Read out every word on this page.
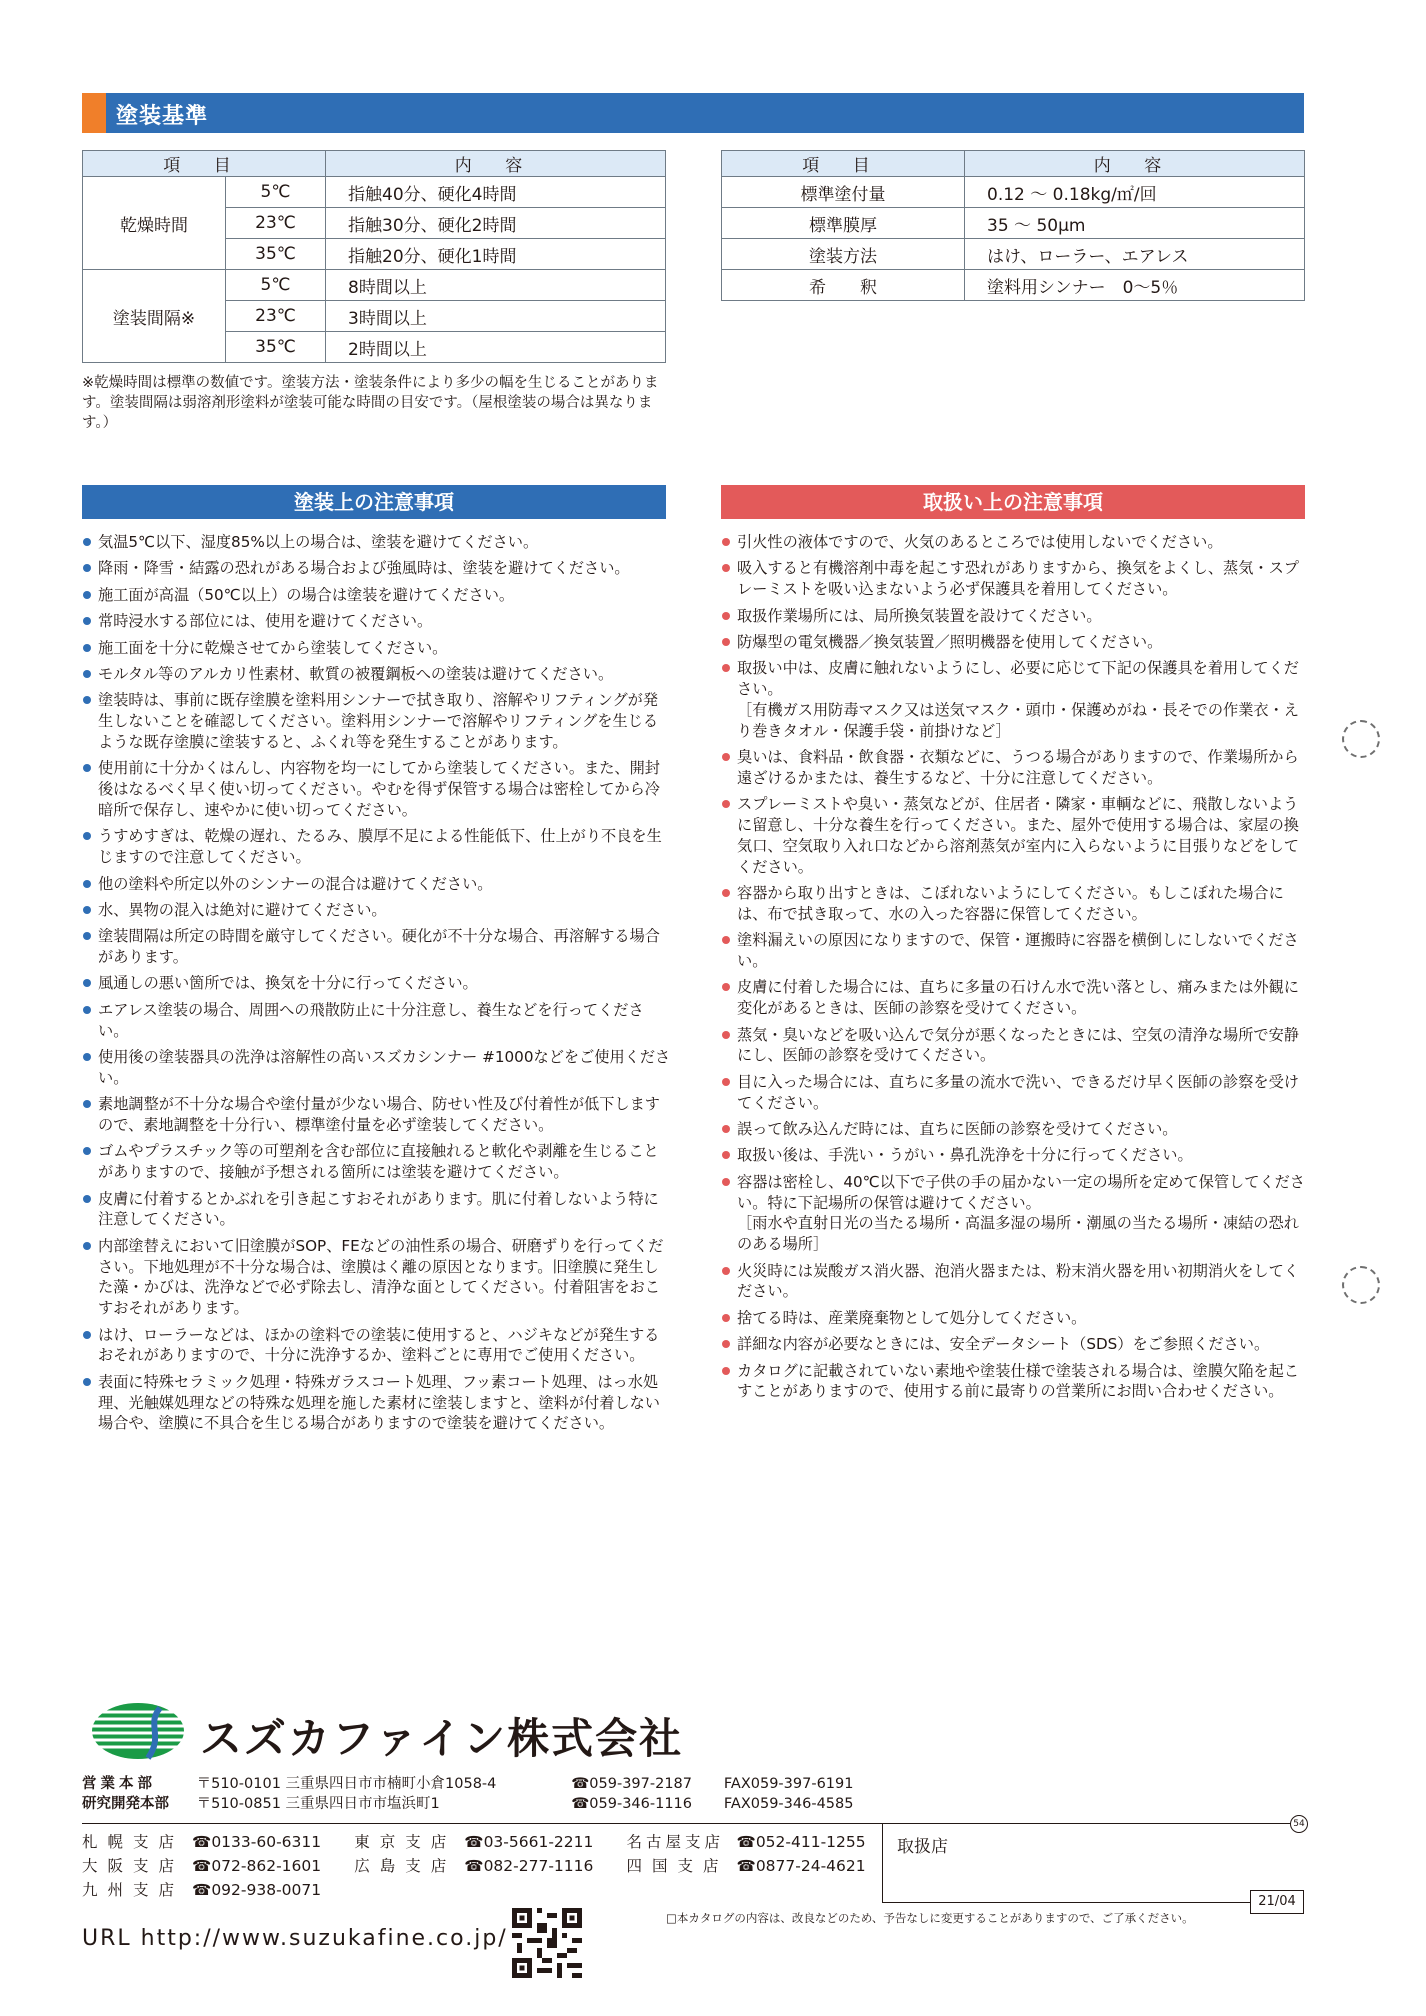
塗装基準
項 目		内 容
乾燥時間	5℃	指触40分、硬化4時間
	23℃	指触30分、硬化2時間
	35℃	指触20分、硬化1時間
塗装間隔※	5℃	8時間以上
	23℃	3時間以上
	35℃	2時間以上
項 目	内 容
標準塗付量	0.12 ～ 0.18kg/㎡/回
標準膜厚	35 ～ 50μm
塗装方法	はけ、ローラー、エアレス
希　　釈	塗料用シンナー　0～5％
※乾燥時間は標準の数値です。塗装方法・塗装条件により多少の幅を生じることがあります。塗装間隔は弱溶剤形塗料が塗装可能な時間の目安です。（屋根塗装の場合は異なります。）
塗装上の注意事項	取扱い上の注意事項
気温5℃以下、湿度85%以上の場合は、塗装を避けてください。
降雨・降雪・結露の恐れがある場合および強風時は、塗装を避けてください。
施工面が高温（50℃以上）の場合は塗装を避けてください。
常時浸水する部位には、使用を避けてください。
施工面を十分に乾燥させてから塗装してください。
モルタル等のアルカリ性素材、軟質の被覆鋼板への塗装は避けてください。
塗装時は、事前に既存塗膜を塗料用シンナーで拭き取り、溶解やリフティングが発生しないことを確認してください。塗料用シンナーで溶解やリフティングを生じるような既存塗膜に塗装すると、ふくれ等を発生することがあります。
使用前に十分かくはんし、内容物を均一にしてから塗装してください。また、開封後はなるべく早く使い切ってください。やむを得ず保管する場合は密栓してから冷暗所で保存し、速やかに使い切ってください。
うすめすぎは、乾燥の遅れ、たるみ、膜厚不足による性能低下、仕上がり不良を生じますので注意してください。
他の塗料や所定以外のシンナーの混合は避けてください。
水、異物の混入は絶対に避けてください。
塗装間隔は所定の時間を厳守してください。硬化が不十分な場合、再溶解する場合があります。
風通しの悪い箇所では、換気を十分に行ってください。
エアレス塗装の場合、周囲への飛散防止に十分注意し、養生などを行ってください。
使用後の塗装器具の洗浄は溶解性の高いスズカシンナー #1000などをご使用ください。
素地調整が不十分な場合や塗付量が少ない場合、防せい性及び付着性が低下しますので、素地調整を十分行い、標準塗付量を必ず塗装してください。
ゴムやプラスチック等の可塑剤を含む部位に直接触れると軟化や剥離を生じることがありますので、接触が予想される箇所には塗装を避けてください。
皮膚に付着するとかぶれを引き起こすおそれがあります。肌に付着しないよう特に注意してください。
内部塗替えにおいて旧塗膜がSOP、FEなどの油性系の場合、研磨ずりを行ってください。下地処理が不十分な場合は、塗膜はく離の原因となります。旧塗膜に発生した藻・かびは、洗浄などで必ず除去し、清浄な面としてください。付着阻害をおこすおそれがあります。
はけ、ローラーなどは、ほかの塗料での塗装に使用すると、ハジキなどが発生するおそれがありますので、十分に洗浄するか、塗料ごとに専用でご使用ください。
表面に特殊セラミック処理・特殊ガラスコート処理、フッ素コート処理、はっ水処理、光触媒処理などの特殊な処理を施した素材に塗装しますと、塗料が付着しない場合や、塗膜に不具合を生じる場合がありますので塗装を避けてください。
引火性の液体ですので、火気のあるところでは使用しないでください。
吸入すると有機溶剤中毒を起こす恐れがありますから、換気をよくし、蒸気・スプレーミストを吸い込まないよう必ず保護具を着用してください。
取扱作業場所には、局所換気装置を設けてください。
防爆型の電気機器／換気装置／照明機器を使用してください。
取扱い中は、皮膚に触れないようにし、必要に応じて下記の保護具を着用してください。
［有機ガス用防毒マスク又は送気マスク・頭巾・保護めがね・長そでの作業衣・えり巻きタオル・保護手袋・前掛けなど］
臭いは、食料品・飲食器・衣類などに、うつる場合がありますので、作業場所から遠ざけるかまたは、養生するなど、十分に注意してください。
スプレーミストや臭い・蒸気などが、住居者・隣家・車輌などに、飛散しないように留意し、十分な養生を行ってください。また、屋外で使用する場合は、家屋の換気口、空気取り入れ口などから溶剤蒸気が室内に入らないように目張りなどをしてください。
容器から取り出すときは、こぼれないようにしてください。もしこぼれた場合には、布で拭き取って、水の入った容器に保管してください。
塗料漏えいの原因になりますので、保管・運搬時に容器を横倒しにしないでください。
皮膚に付着した場合には、直ちに多量の石けん水で洗い落とし、痛みまたは外観に変化があるときは、医師の診察を受けてください。
蒸気・臭いなどを吸い込んで気分が悪くなったときには、空気の清浄な場所で安静にし、医師の診察を受けてください。
目に入った場合には、直ちに多量の流水で洗い、できるだけ早く医師の診察を受けてください。
誤って飲み込んだ時には、直ちに医師の診察を受けてください。
取扱い後は、手洗い・うがい・鼻孔洗浄を十分に行ってください。
容器は密栓し、40℃以下で子供の手の届かない一定の場所を定めて保管してください。特に下記場所の保管は避けてください。
［雨水や直射日光の当たる場所・高温多湿の場所・潮風の当たる場所・凍結の恐れのある場所］
火災時には炭酸ガス消火器、泡消火器または、粉末消火器を用い初期消火をしてください。
捨てる時は、産業廃棄物として処分してください。
詳細な内容が必要なときには、安全データシート（SDS）をご参照ください。
カタログに記載されていない素地や塗装仕様で塗装される場合は、塗膜欠陥を起こすことがありますので、使用する前に最寄りの営業所にお問い合わせください。
スズカファイン株式会社
営業本部	〒510-0101 三重県四日市市楠町小倉1058-4	☎059-397-2187 FAX059-397-6191
研究開発本部 〒510-0851 三重県四日市市塩浜町1	☎059-346-1116 FAX059-346-4585
54
札幌支店 ☎0133-60-6311 東京支店 ☎03-5661-2211 名古屋支店 ☎052-411-1255
大阪支店 ☎072-862-1601 広島支店 ☎082-277-1116 四国支店 ☎0877-24-4621
九州支店 ☎092-938-0071
取扱店
21/04
□本カタログの内容は、改良などのため、予告なしに変更することがありますので、ご了承ください。
URL http://www.suzukafine.co.jp/
